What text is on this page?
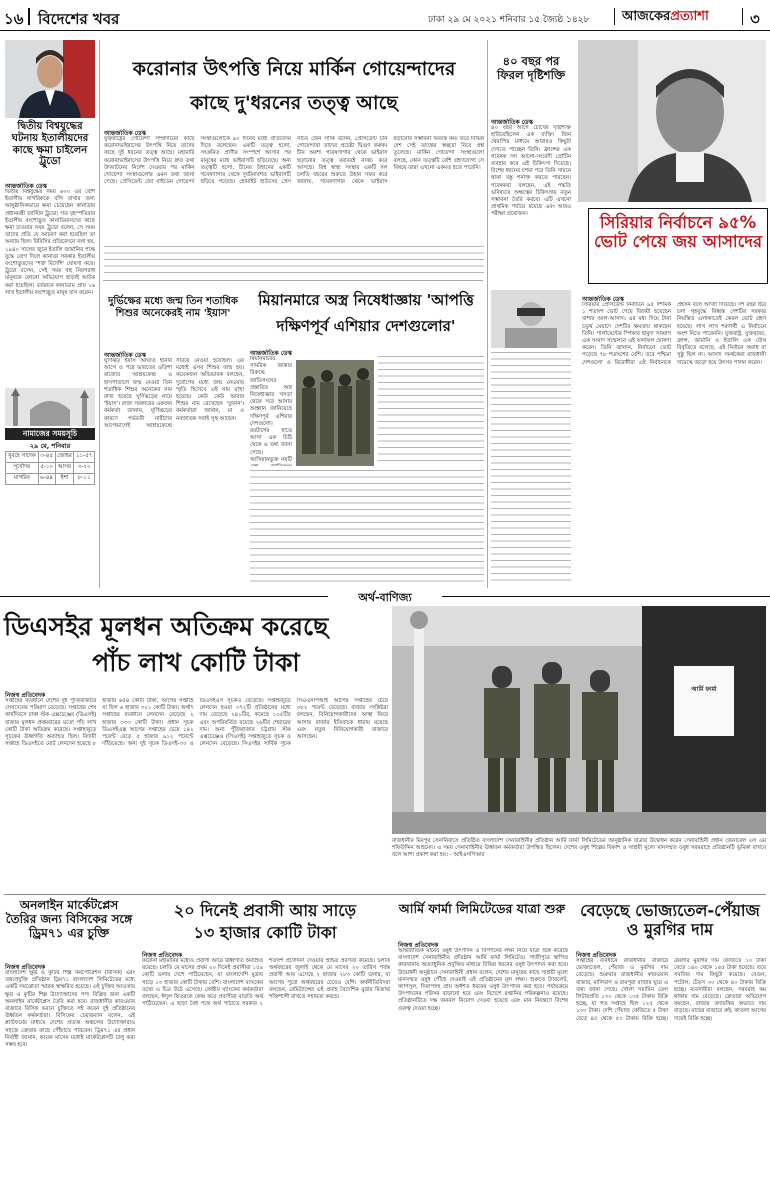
১৬ বিদেশের খবর	ঢাকা ২৯ মে ২০২১ শনিবার ১৫ জ্যৈষ্ঠ ১৪২৮	আজকেরপ্রত্যাশা	৩
দ্বিতীয় বিশ্বযুদ্ধের ঘটনায় ইতালীয়দের কাছে ক্ষমা চাইলেন ট্রুডো
আন্তর্জাতিক ডেস্ক
দ্বিতীয় বিশ্বযুদ্ধের সময় ৬০০ এর বেশি ইতালীয় নাগরিককে বন্দি রাখার জন্য আনুষ্ঠানিকভাবে ক্ষমা চেয়েছেন কানাডার প্রধানমন্ত্রী জাস্টিন ট্রুডো। গত বৃহস্পতিবার ইতালীয় বংশোদ্ভূত কানাডিয়ানদের কাছে ক্ষমা চাওয়ার সময় ট্রুডো বলেন, সে সময় তাদের প্রতি যে আচরণ করা হয়েছিল তা অন্যায় ছিল। বিবিসির প্রতিবেদনে বলা হয়, ১৯৪০ সালের জুনে ইতালি জার্মানির পক্ষে যুদ্ধে যোগ দিলে কানাডা সরকার ইতালীয় বংশোদ্ভূতদের 'শত্রু বিদেশি' ঘোষণা করে। ট্রুডো বলেন, সেই সময় বহু নিরপরাধ মানুষকে কোনো অভিযোগ ছাড়াই আটক করা হয়েছিল। বর্তমানে কানাডায় প্রায় ১৬ লাখ ইতালীয় বংশোদ্ভূত মানুষ বাস করেন।
নামাজের সময়সূচি
২৯ মে, শনিবার
সুবহে সাদেক	৩-৪৫	জোহর	১১-৫৭
সূর্যোদয়	৫-১০	আসর	৩-২০
মাগরিব	৬-৪৪	ইশা	৮-১১
করোনার উৎপত্তি নিয়ে মার্কিন গোয়েন্দাদের
কাছে দু'ধরনের তত্ত্ব আছে
আন্তর্জাতিক ডেস্ক
যুক্তরাষ্ট্রের গোয়েন্দা সম্প্রদায়ের কাছে করোনাভাইরাসের উৎপত্তি নিয়ে তাদের কাছে দুই ধরনের তত্ত্ব আছে। মহামারি করোনাভাইরাসের উৎপত্তি নিয়ে দ্রুত তথ্য উদঘাটনের নির্দেশ দেওয়ার পর মার্কিন গোয়েন্দা সংস্থাগুলোর এমন তথ্য জানা গেছে। প্রেসিডেন্ট জো বাইডেন গোয়েন্দা সংস্থাগুলোকে ৯০ দিনের মধ্যে প্রতিবেদন দিতে বলেছেন। একটি তত্ত্ব হলো, সংক্রমিত প্রাণীর সংস্পর্শে আসার পর মানুষের মধ্যে ভাইরাসটি ছড়িয়েছে। অন্য তত্ত্বটি হলো, চীনের উহানের একটি গবেষণাগার থেকে দুর্ঘটনাবশত ভাইরাসটি ছড়িয়ে পড়েছে। হোয়াইট হাউসের প্রেস সচিব জেন সাকি বলেন, প্রেসিডেন্ট চান গোয়েন্দারা তাদের প্রচেষ্টা দ্বিগুণ করুক। চীন অবশ্য গবেষণাগার থেকে ভাইরাস ছড়ানোর তত্ত্ব বরাবরই নাকচ করে আসছে। বিশ্ব স্বাস্থ্য সংস্থার একটি দল চলতি বছরের শুরুতে উহান সফর করে জানায়, গবেষণাগার থেকে ভাইরাস ছড়ানোর সম্ভাবনা অত্যন্ত কম। তবে বিভিন্ন দেশ সেই তদন্তের স্বচ্ছতা নিয়ে প্রশ্ন তুলেছে। মার্কিন গোয়েন্দা সংস্থাগুলো বলছে, কোন তত্ত্বটি বেশি গ্রহণযোগ্য সে বিষয়ে তারা এখনো একমত হতে পারেনি।
৪০ বছর পর ফিরল দৃষ্টিশক্তি
আন্তর্জাতিক ডেস্ক
৪০ বছর আগে চোখের দৃষ্টিশক্তি হারিয়েছিলেন এক ব্যক্তি। জিন থেরাপির মাধ্যমে আবারও কিছুটা দেখতে পাচ্ছেন তিনি। ফ্রান্সের এক গবেষক দল আলো-সংবেদী প্রোটিন ব্যবহার করে এই চিকিৎসা দিয়েছে। বিশেষ ধরনের চশমা পরে তিনি সামনে থাকা বস্তু শনাক্ত করতে পারছেন। গবেষকরা বলছেন, এই পদ্ধতি ভবিষ্যতে অন্ধত্বের চিকিৎসায় নতুন সম্ভাবনা তৈরি করবে। এটি এখনো প্রাথমিক পর্যায়ে রয়েছে এবং আরও পরীক্ষা প্রয়োজন।
দুর্ভিক্ষের মধ্যে জন্ম তিন শতাধিক শিশুর অনেকেরই নাম 'ইয়াস'
আন্তর্জাতিক ডেস্ক
ঘূর্ণিঝড় ইয়াস আঘাত হানার আগে ও পরে ভারতের ওড়িশা রাজ্যের আশ্রয়কেন্দ্র ও হাসপাতালে জন্ম নেওয়া তিন শতাধিক শিশুর অনেকের নাম রাখা হয়েছে ঘূর্ণিঝড়ের নামে 'ইয়াস'। রাজ্য সরকারের একজন কর্মকর্তা জানান, ঘূর্ণিঝড়ের কারণে গর্ভবতী নারীদের আগেভাগেই আশ্রয়কেন্দ্রে সরিয়ে নেওয়া হয়েছিল। এর মধ্যেই এসব শিশুর জন্ম হয়। কয়েকজন অভিভাবক বলছেন, দুর্যোগের মধ্যে জন্ম নেওয়ায় স্মৃতি হিসেবে এই নাম রাখা হয়েছে। কেউ কেউ আবার শিশুর নাম রেখেছেন 'তুফান'। কর্মকর্তারা জানান, মা ও নবজাতক সবাই সুস্থ আছেন।
মিয়ানমারে অস্ত্র নিষেধাজ্ঞায় 'আপত্তি
দক্ষিণপূর্ব এশিয়ার দেশগুলোর'
আন্তর্জাতিক ডেস্ক
মিয়ানমারের সামরিক জান্তার বিরুদ্ধে জাতিসংঘের প্রস্তাবিত অস্ত্র নিষেধাজ্ঞার খসড়া থেকে সরে আসার আহ্বান জানিয়েছে দক্ষিণপূর্ব এশিয়ার দেশগুলো। রয়টার্সের হাতে আসা এক চিঠি থেকে এ তথ্য জানা গেছে। আসিয়ানভুক্ত নয়টি
সিরিয়ার নির্বাচনে ৯৫% ভোট পেয়ে জয় আসাদের
আন্তর্জাতিক ডেস্ক
সিরিয়ার প্রেসিডেন্ট নির্বাচনে ৯৫ দশমিক ১ শতাংশ ভোট পেয়ে বিজয়ী হয়েছেন বাশার আল-আসাদ। এর মধ্য দিয়ে টানা চতুর্থ মেয়াদে দেশটির ক্ষমতায় থাকছেন তিনি। পার্লামেন্টের স্পিকার হামুদা সাব্বাগ এক সংবাদ সম্মেলনে এই ফলাফল ঘোষণা করেন। তিনি জানান, নির্বাচনে ভোট পড়েছে ৭৮ শতাংশের বেশি। তবে পশ্চিমা দেশগুলো ও বিরোধীরা এই নির্বাচনকে প্রহসন বলে আখ্যা দিয়েছে। দশ বছর ধরে চলা গৃহযুদ্ধে বিধ্বস্ত দেশটির সরকার নিয়ন্ত্রিত এলাকাতেই কেবল ভোট গ্রহণ হয়েছে। লাখ লাখ শরণার্থী এ নির্বাচনে অংশ নিতে পারেননি। যুক্তরাষ্ট্র, যুক্তরাজ্য, ফ্রান্স, জার্মানি ও ইতালি এক যৌথ বিবৃতিতে বলেছে, এই নির্বাচন অবাধ বা সুষ্ঠু ছিল না। আসাদ সমর্থকেরা রাজধানী দামেস্কে জড়ো হয়ে উৎসব পালন করেন।
অর্থ-বাণিজ্য
ডিএসইর মূলধন অতিক্রম করেছে
পাঁচ লাখ কোটি টাকা
নিজস্ব প্রতিবেদক
সপ্তাহের ব্যবধানে দেশের দুই পুঁজিবাজারে লেনদেনের পরিমাণ বেড়েছে। সপ্তাহের শেষ কার্যদিবসে ঢাকা স্টক এক্সচেঞ্জের (ডিএসই) বাজার মূলধন প্রথমবারের মতো পাঁচ লাখ কোটি টাকা অতিক্রম করেছে। সপ্তাহজুড়ে সূচকের ঊর্ধ্বগতি অব্যাহত ছিল। বিদায়ী সপ্তাহে ডিএসইতে মোট লেনদেন হয়েছে ৮ হাজার ৬৫৪ কোটি টাকা, আগের সপ্তাহে যা ছিল ৬ হাজার ৩২১ কোটি টাকা। অর্থাৎ সপ্তাহের ব্যবধানে লেনদেন বেড়েছে ২ হাজার ৩৩৩ কোটি টাকা। প্রধান সূচক ডিএসইএক্স আগের সপ্তাহের চেয়ে ১৪২ পয়েন্ট বেড়ে ৫ হাজার ৯১২ পয়েন্টে দাঁড়িয়েছে। অন্য দুই সূচক ডিএসই-৩০ ও ডিএসইএস সূচকও বেড়েছে। সপ্তাহজুড়ে লেনদেন হওয়া ৩৭২টি প্রতিষ্ঠানের মধ্যে দাম বেড়েছে ২৪১টির, কমেছে ১০৫টির এবং অপরিবর্তিত রয়েছে ২৬টির শেয়ারের দাম। অন্য পুঁজিবাজার চট্টগ্রাম স্টক এক্সচেঞ্জেও (সিএসই) সপ্তাহজুড়ে সূচক ও লেনদেন বেড়েছে। সিএসইর সার্বিক সূচক সিএএসপিআই আগের সপ্তাহের চেয়ে ৩৮২ পয়েন্ট বেড়েছে। বাজার সংশ্লিষ্টরা বলছেন, বিনিয়োগকারীদের আস্থা ফিরে আসায় বাজার ইতিবাচক ধারায় রয়েছে এবং নতুন বিনিয়োগকারী বাজারে আসছেন।
আর্মি ফার্মা
রাজধানীর মিরপুর সেনানিবাসে প্রতিষ্ঠিত বাংলাদেশ সেনাবাহিনীর প্রতিষ্ঠান আর্মি ফার্মা লিমিটেডের আনুষ্ঠানিক যাত্রার উদ্বোধন করেন সেনাবাহিনী প্রধান জেনারেল এস এম শফিউদ্দিন আহমেদ। এ সময় সেনাবাহিনীর ঊর্ধ্বতন কর্মকর্তারা উপস্থিত ছিলেন। দেশের ওষুধ শিল্পের বিকাশ ও সাশ্রয়ী মূল্যে মানসম্মত ওষুধ সরবরাহে প্রতিষ্ঠানটি ভূমিকা রাখবে বলে আশা প্রকাশ করা হয়। - আইএসপিআর
অনলাইন মার্কেটপ্লেস তৈরির জন্য বিসিকের সঙ্গে ড্রিম৭১ এর চুক্তি
নিজস্ব প্রতিবেদক
বাংলাদেশ ক্ষুদ্র ও কুটির শিল্প করপোরেশন (বিসিক) এবং তথ্যপ্রযুক্তি প্রতিষ্ঠান ড্রিম৭১ বাংলাদেশ লিমিটেডের মধ্যে একটি সমঝোতা স্মারক স্বাক্ষরিত হয়েছে। এই চুক্তির আওতায় ক্ষুদ্র ও কুটির শিল্প উদ্যোক্তাদের পণ্য বিক্রির জন্য একটি অনলাইন মার্কেটপ্লেস তৈরি করা হবে। রাজধানীর কারওয়ান বাজারে বিসিক ভবনে চুক্তিতে সই করেন দুই প্রতিষ্ঠানের ঊর্ধ্বতন কর্মকর্তারা। বিসিকের চেয়ারম্যান বলেন, এই প্ল্যাটফর্মের মাধ্যমে দেশের প্রত্যন্ত অঞ্চলের উদ্যোক্তারাও সহজে ক্রেতার কাছে পৌঁছাতে পারবেন। ড্রিম৭১ এর প্রধান নির্বাহী জানান, কয়েক মাসের মধ্যেই মার্কেটপ্লেসটি চালু করা সম্ভব হবে।
২০ দিনেই প্রবাসী আয় সাড়ে
১৩ হাজার কোটি টাকা
নিজস্ব প্রতিবেদক
করোনা মহামারির মধ্যেও প্রবাসী আয়ে ঊর্ধ্বগতি অব্যাহত রয়েছে। চলতি মে মাসের প্রথম ২০ দিনেই প্রবাসীরা ১৫৯ কোটি ডলার দেশে পাঠিয়েছেন, যা বাংলাদেশি মুদ্রায় সাড়ে ১৩ হাজার কোটি টাকার বেশি। বাংলাদেশ ব্যাংকের তথ্যে এ চিত্র উঠে এসেছে। কেন্দ্রীয় ব্যাংকের কর্মকর্তারা বলছেন, ঈদুল ফিতরকে কেন্দ্র করে প্রবাসীরা বাড়তি অর্থ পাঠিয়েছেন। এ ছাড়া বৈধ পথে অর্থ পাঠাতে সরকার ২ শতাংশ প্রণোদনা দেওয়ায় হুন্ডির প্রবণতা কমেছে। চলতি অর্থবছরের জুলাই থেকে মে মাসের ২০ তারিখ পর্যন্ত প্রবাসী আয় এসেছে ২ হাজার ২৮৩ কোটি ডলার, যা আগের পুরো অর্থবছরের চেয়েও বেশি। অর্থনীতিবিদরা বলছেন, রেমিট্যান্সের এই প্রবাহ বৈদেশিক মুদ্রার রিজার্ভ শক্তিশালী রাখতে সহায়তা করছে।
আর্মি ফার্মা লিমিটেডের যাত্রা শুরু
নিজস্ব প্রতিবেদক
আন্তর্জাতিক মানের ওষুধ উৎপাদন ও বিপণনের লক্ষ্য নিয়ে যাত্রা শুরু করেছে বাংলাদেশ সেনাবাহিনীর প্রতিষ্ঠান আর্মি ফার্মা লিমিটেড। গাজীপুরে স্থাপিত কারখানায় অত্যাধুনিক প্রযুক্তির মাধ্যমে বিভিন্ন ধরনের ওষুধ উৎপাদন করা হবে। উদ্বোধনী অনুষ্ঠানে সেনাবাহিনী প্রধান বলেন, দেশের মানুষের কাছে সাশ্রয়ী মূল্যে মানসম্মত ওষুধ পৌঁছে দেওয়াই এই প্রতিষ্ঠানের মূল লক্ষ্য। শুরুতে ট্যাবলেট, ক্যাপসুল, সিরাপসহ প্রায় অর্ধশত ধরনের ওষুধ উৎপাদন করা হবে। পর্যায়ক্রমে উৎপাদনের পরিসর বাড়ানো হবে এবং বিদেশে রপ্তানির পরিকল্পনাও রয়েছে। প্রতিষ্ঠানটিতে দক্ষ জনবল নিয়োগ দেওয়া হয়েছে এবং মান নিয়ন্ত্রণে বিশেষ গুরুত্ব দেওয়া হচ্ছে।
বেড়েছে ভোজ্যতেল-পেঁয়াজ ও মুরগির দাম
নিজস্ব প্রতিবেদক
সপ্তাহের ব্যবধানে রাজধানীর বাজারে ভোজ্যতেল, পেঁয়াজ ও মুরগির দাম বেড়েছে। শুক্রবার রাজধানীর কারওয়ান বাজার, মালিবাগ ও রামপুরা বাজার ঘুরে এ তথ্য জানা গেছে। খোলা সয়াবিন তেল লিটারপ্রতি ১৩০ থেকে ১৩৫ টাকায় বিক্রি হচ্ছে, যা গত সপ্তাহে ছিল ১২৫ থেকে ১৩০ টাকা। দেশি পেঁয়াজ কেজিতে ৫ টাকা বেড়ে ৪৫ থেকে ৫০ টাকায় বিক্রি হচ্ছে। ব্রয়লার মুরগির দাম কেজিতে ১০ টাকা বেড়ে ১৪০ থেকে ১৪৫ টাকা হয়েছে। তবে সবজির দাম কিছুটা কমেছে। বেগুন, পটোল, ঢেঁড়স ৩০ থেকে ৪০ টাকায় বিক্রি হচ্ছে। ব্যবসায়ীরা বলছেন, সরবরাহ কম থাকায় দাম বেড়েছে। ক্রেতারা অভিযোগ করছেন, বাজার তদারকির অভাবে দাম বাড়ছে। মাছের বাজারে রুই, কাতলা আগের দামেই বিক্রি হচ্ছে।
